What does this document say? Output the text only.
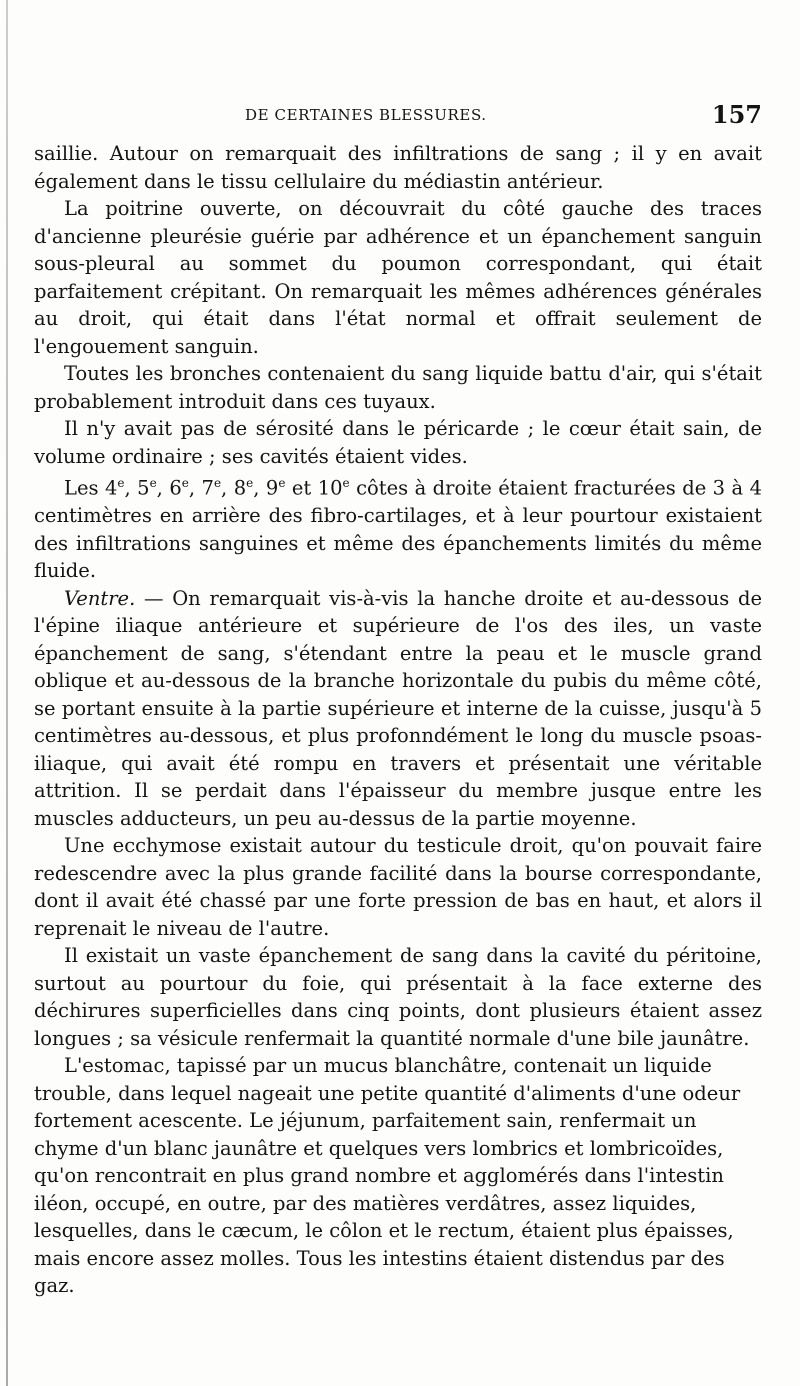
DE CERTAINES BLESSURES.	157

saillie. Autour on remarquait des infiltrations de sang ; il y en avait également dans le tissu cellulaire du médiastin antérieur.

La poitrine ouverte, on découvrait du côté gauche des traces d'ancienne pleurésie guérie par adhérence et un épanchement sanguin sous-pleural au sommet du poumon correspondant, qui était parfaitement crépitant. On remarquait les mêmes adhérences générales au droit, qui était dans l'état normal et offrait seulement de l'engouement sanguin.

Toutes les bronches contenaient du sang liquide battu d'air, qui s'était probablement introduit dans ces tuyaux.

Il n'y avait pas de sérosité dans le péricarde ; le cœur était sain, de volume ordinaire ; ses cavités étaient vides.

Les 4e, 5e, 6e, 7e, 8e, 9e et 10e côtes à droite étaient fracturées de 3 à 4 centimètres en arrière des fibro-cartilages, et à leur pourtour existaient des infiltrations sanguines et même des épanchements limités du même fluide.

Ventre. — On remarquait vis-à-vis la hanche droite et au-dessous de l'épine iliaque antérieure et supérieure de l'os des iles, un vaste épanchement de sang, s'étendant entre la peau et le muscle grand oblique et au-dessous de la branche horizontale du pubis du même côté, se portant ensuite à la partie supérieure et interne de la cuisse, jusqu'à 5 centimètres au-dessous, et plus profonndément le long du muscle psoas-iliaque, qui avait été rompu en travers et présentait une véritable attrition. Il se perdait dans l'épaisseur du membre jusque entre les muscles adducteurs, un peu au-dessus de la partie moyenne.

Une ecchymose existait autour du testicule droit, qu'on pouvait faire redescendre avec la plus grande facilité dans la bourse correspondante, dont il avait été chassé par une forte pression de bas en haut, et alors il reprenait le niveau de l'autre.

Il existait un vaste épanchement de sang dans la cavité du péritoine, surtout au pourtour du foie, qui présentait à la face externe des déchirures superficielles dans cinq points, dont plusieurs étaient assez longues ; sa vésicule renfermait la quantité normale d'une bile jaunâtre.

L'estomac, tapissé par un mucus blanchâtre, contenait un liquide trouble, dans lequel nageait une petite quantité d'aliments d'une odeur fortement acescente. Le jéjunum, parfaitement sain, renfermait un chyme d'un blanc jaunâtre et quelques vers lombrics et lombricoïdes, qu'on rencontrait en plus grand nombre et agglomérés dans l'intestin iléon, occupé, en outre, par des matières verdâtres, assez liquides, lesquelles, dans le cæcum, le côlon et le rectum, étaient plus épaisses, mais encore assez molles. Tous les intestins étaient distendus par des gaz.
